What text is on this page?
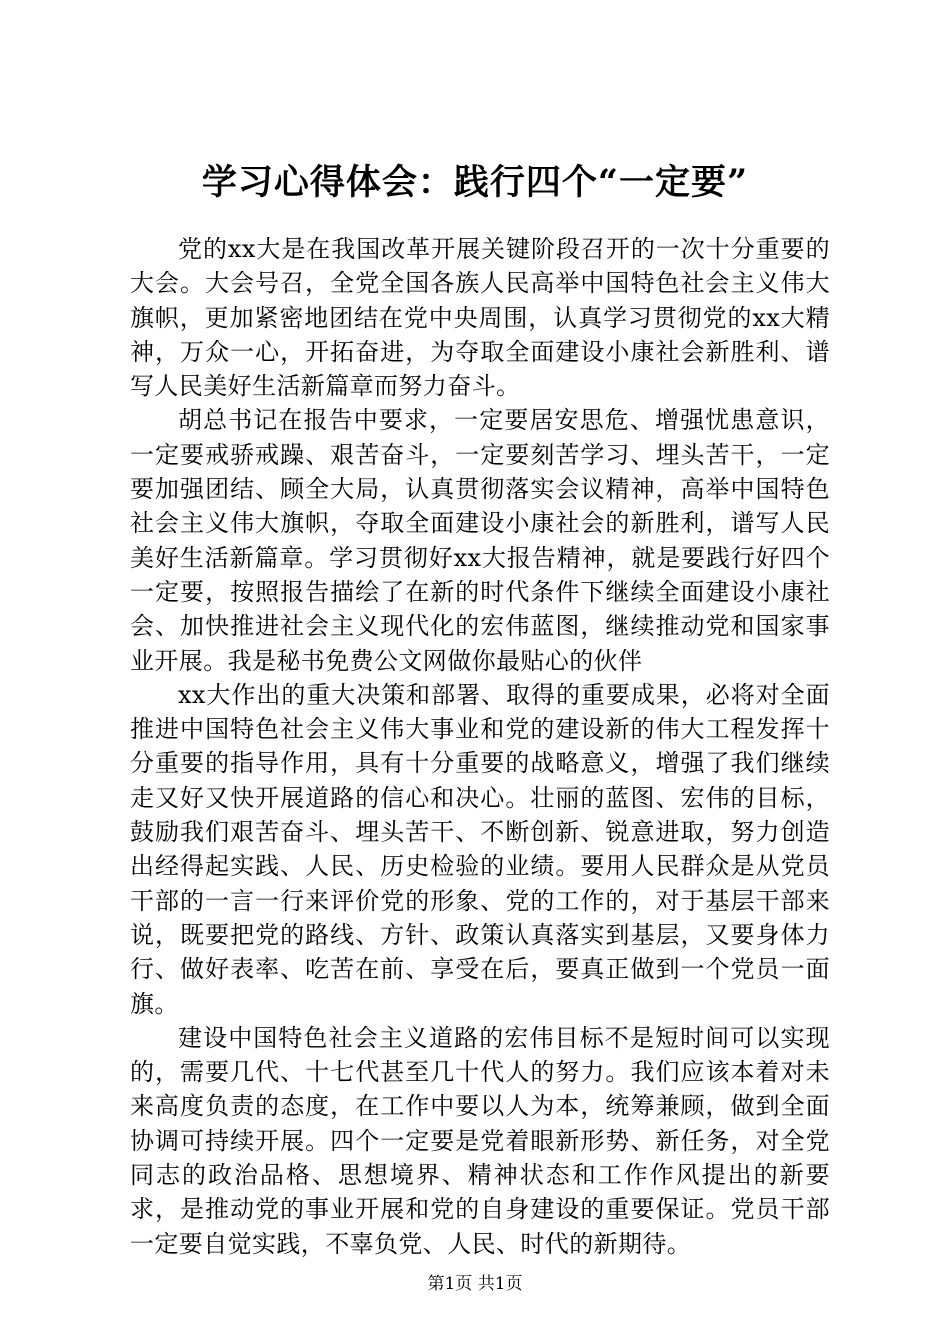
学习心得体会：践行四个“一定要”

党的xx大是在我国改革开展关键阶段召开的一次十分重要的大会。大会号召，全党全国各族人民高举中国特色社会主义伟大旗帜，更加紧密地团结在党中央周围，认真学习贯彻党的xx大精神，万众一心，开拓奋进，为夺取全面建设小康社会新胜利、谱写人民美好生活新篇章而努力奋斗。

胡总书记在报告中要求，一定要居安思危、增强忧患意识，一定要戒骄戒躁、艰苦奋斗，一定要刻苦学习、埋头苦干，一定要加强团结、顾全大局，认真贯彻落实会议精神，高举中国特色社会主义伟大旗帜，夺取全面建设小康社会的新胜利，谱写人民美好生活新篇章。学习贯彻好xx大报告精神，就是要践行好四个一定要，按照报告描绘了在新的时代条件下继续全面建设小康社会、加快推进社会主义现代化的宏伟蓝图，继续推动党和国家事业开展。我是秘书免费公文网做你最贴心的伙伴

xx大作出的重大决策和部署、取得的重要成果，必将对全面推进中国特色社会主义伟大事业和党的建设新的伟大工程发挥十分重要的指导作用，具有十分重要的战略意义，增强了我们继续走又好又快开展道路的信心和决心。壮丽的蓝图、宏伟的目标，鼓励我们艰苦奋斗、埋头苦干、不断创新、锐意进取，努力创造出经得起实践、人民、历史检验的业绩。要用人民群众是从党员干部的一言一行来评价党的形象、党的工作的，对于基层干部来说，既要把党的路线、方针、政策认真落实到基层，又要身体力行、做好表率、吃苦在前、享受在后，要真正做到一个党员一面旗。

建设中国特色社会主义道路的宏伟目标不是短时间可以实现的，需要几代、十七代甚至几十代人的努力。我们应该本着对未来高度负责的态度，在工作中要以人为本，统筹兼顾，做到全面协调可持续开展。四个一定要是党着眼新形势、新任务，对全党同志的政治品格、思想境界、精神状态和工作作风提出的新要求，是推动党的事业开展和党的自身建设的重要保证。党员干部一定要自觉实践，不辜负党、人民、时代的新期待。

第1页 共1页
